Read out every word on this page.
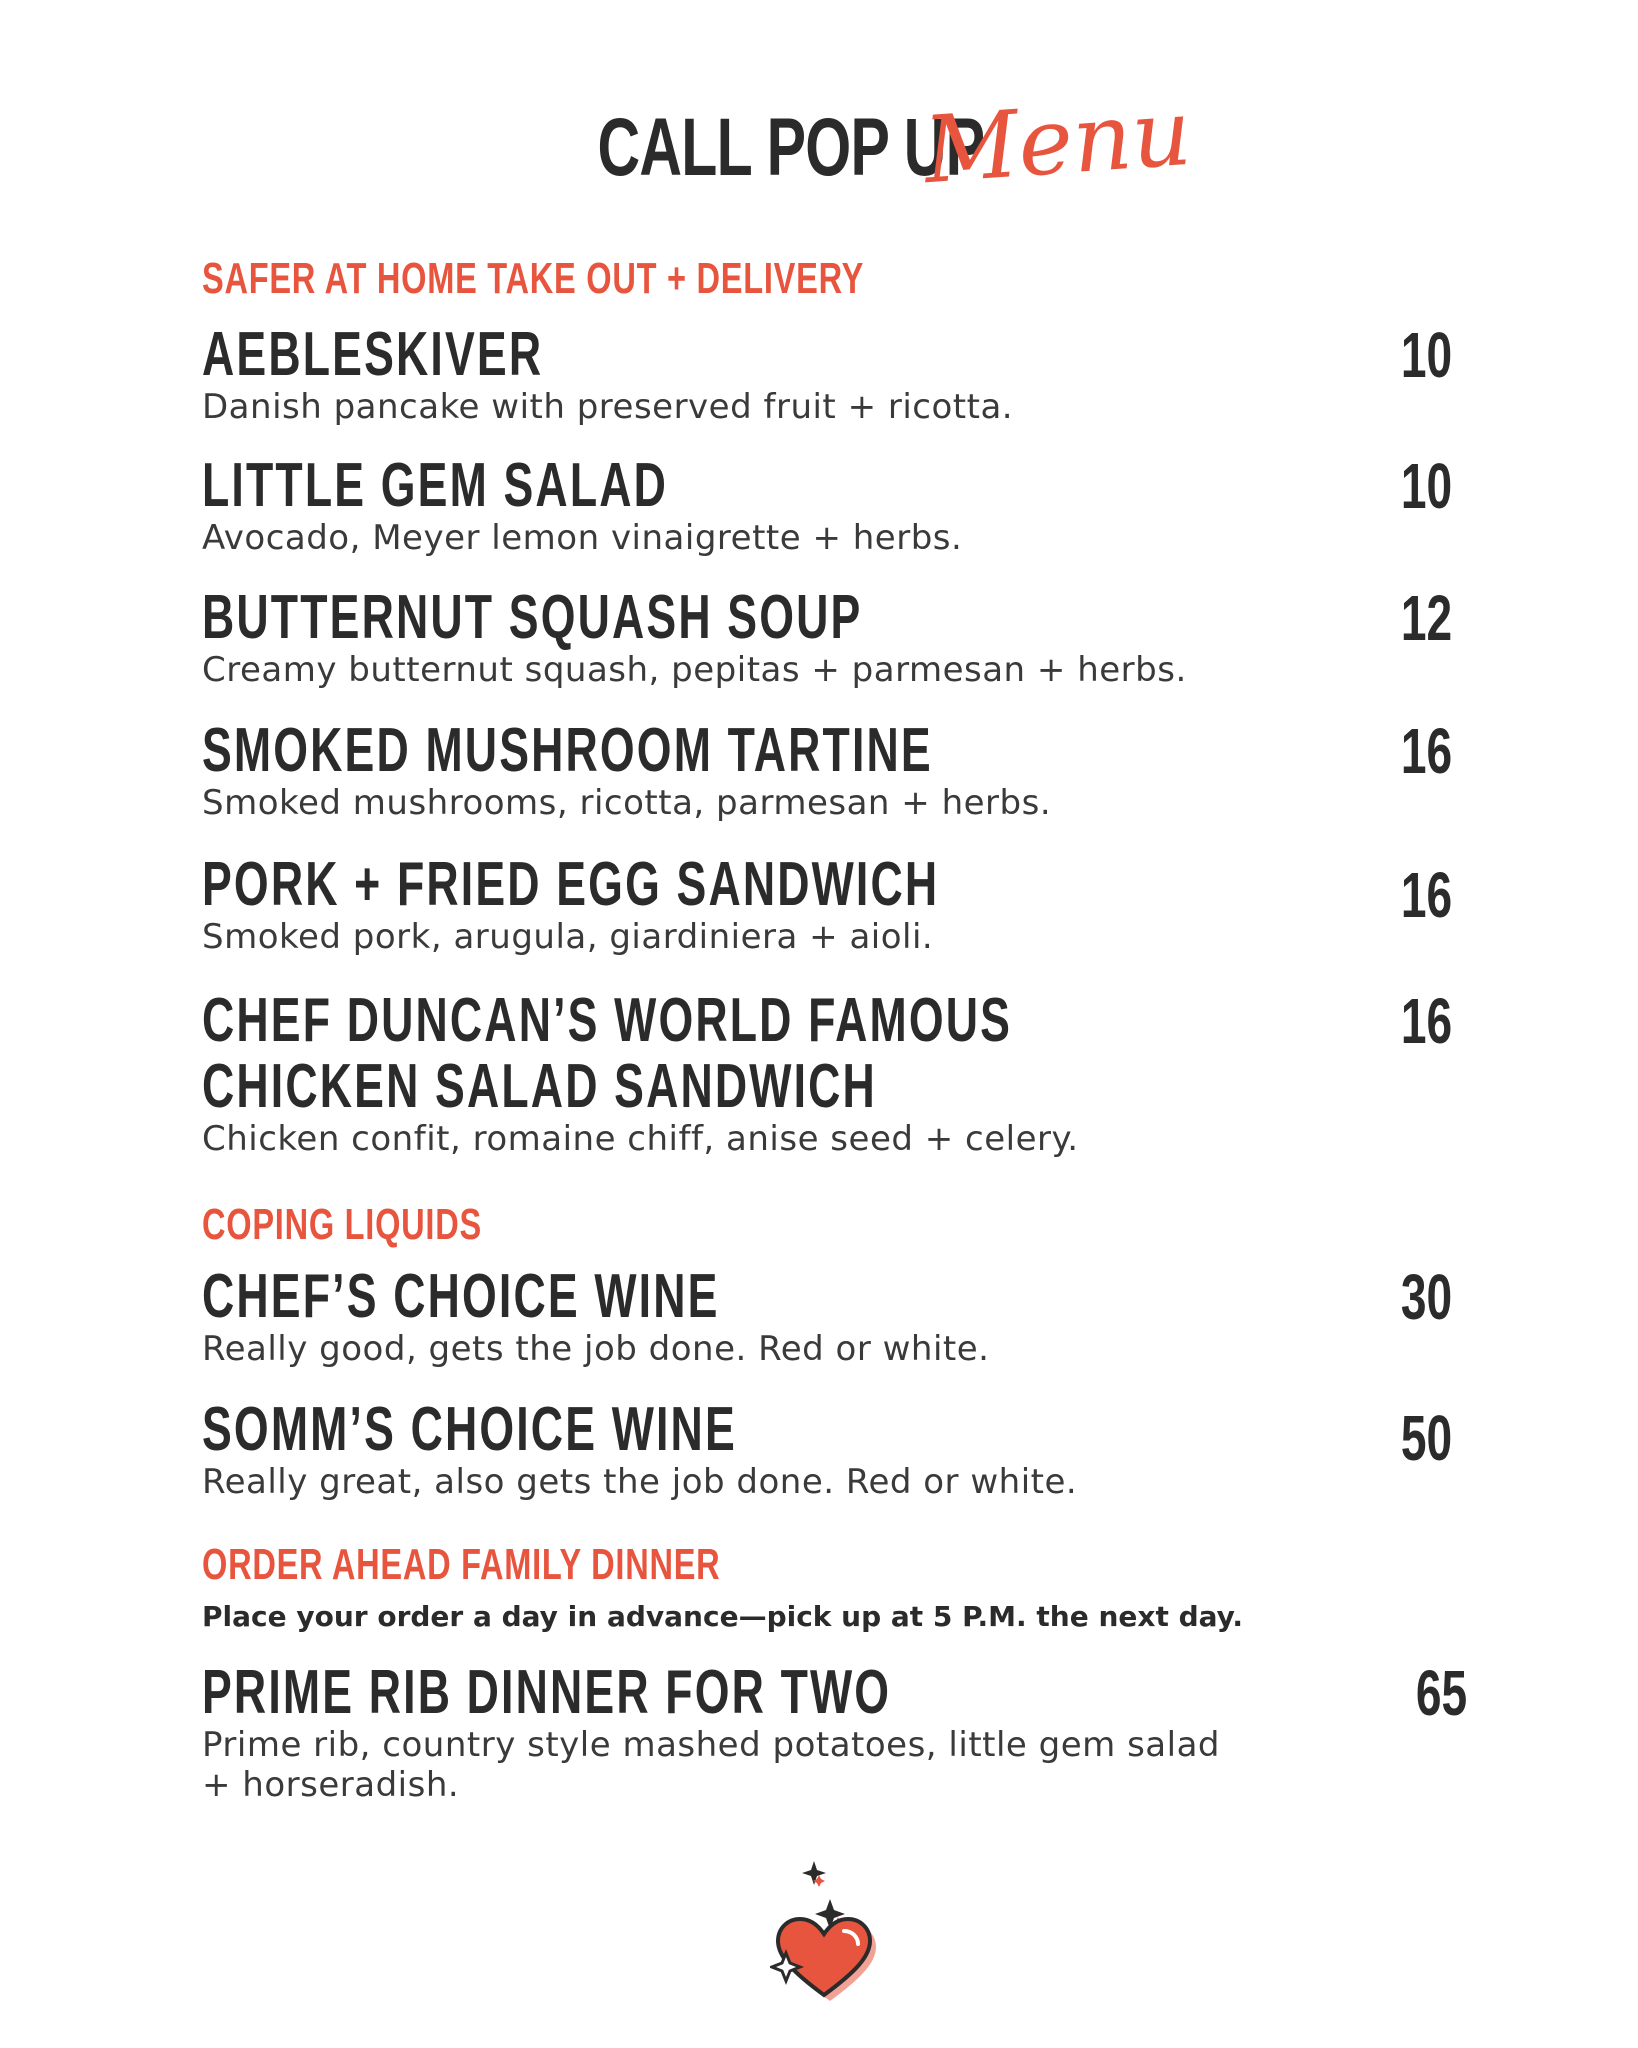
CALL POP UP Menu
SAFER AT HOME TAKE OUT + DELIVERY
AEBLESKIVER
Danish pancake with preserved fruit + ricotta.
10
LITTLE GEM SALAD
Avocado, Meyer lemon vinaigrette + herbs.
10
BUTTERNUT SQUASH SOUP
Creamy butternut squash, pepitas + parmesan + herbs.
12
SMOKED MUSHROOM TARTINE
Smoked mushrooms, ricotta, parmesan + herbs.
16
PORK + FRIED EGG SANDWICH
Smoked pork, arugula, giardiniera + aioli.
16
CHEF DUNCAN’S WORLD FAMOUS
CHICKEN SALAD SANDWICH
Chicken confit, romaine chiff, anise seed + celery.
16
COPING LIQUIDS
CHEF’S CHOICE WINE
Really good, gets the job done. Red or white.
30
SOMM’S CHOICE WINE
Really great, also gets the job done. Red or white.
50
ORDER AHEAD FAMILY DINNER
Place your order a day in advance—pick up at 5 P.M. the next day.
PRIME RIB DINNER FOR TWO
Prime rib, country style mashed potatoes, little gem salad
+ horseradish.
65
